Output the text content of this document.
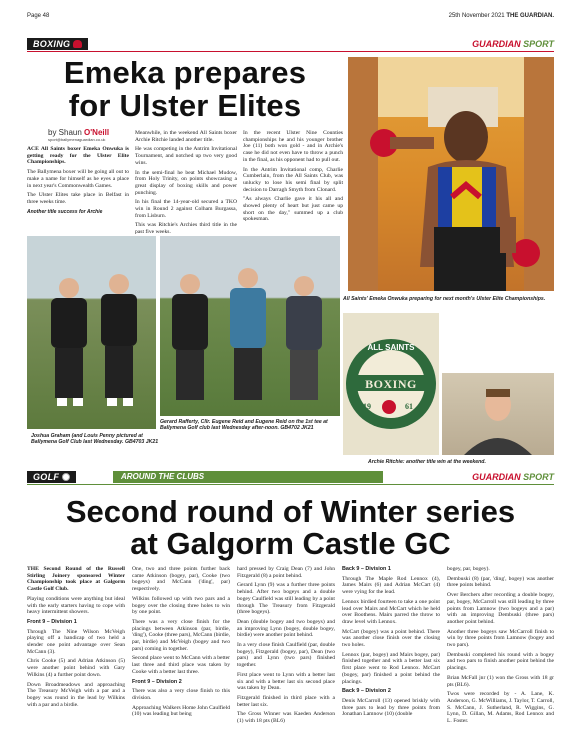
Page 48	25th November 2021 THE GUARDIAN.
BOXING	GUARDIAN SPORT
Emeka prepares
for Ulster Elites
by Shaun O'Neill
sport@ballymenaguardian.co.uk

ACE All Saints boxer Emeka Onwuka is getting ready for the Ulster Elite Championships.

The Ballymena boxer will be going all out to make a name for himself as he eyes a place in next year's Commonwealth Games.

The Ulster Elites take place in Belfast in three weeks time.

Another title success for Archie

Meanwhile, in the weekend All Saints boxer Archie Ritchie landed another title.

He was competing in the Antrim Invitational Tournament, and notched up two very good wins.

In the semi-final he beat Michael Mudow, from Holy Trinity, on points showcasing a great display of boxing skills and power punching.

In his final the 14-year-old secured a TKO win in Round 2 against Colham Burgassa, from Lisburn.

This was Ritchie's Archies third title in the past five weeks.

In the recent Ulster Nine Counties championships he and his younger brother Joe (11) both won gold - and in Archie's case he did not even have to throw a punch in the final, as his opponent had to pull out.

In the Antrim Invitational comp, Charlie Cumberlain, from the All Saints Club, was unlucky to lose his semi final by split decision to Darragh Smyth from Clonard.

"As always Charlie gave it his all and showed plenty of heart but just came up short on the day," summed up a club spokesman.

All Saints' Emeka Onwuka preparing for next month's Ulster Elite Championships.
ALL SAINTS
BOXING
19	61
CLUB
Archie Ritchie: another title win at the weekend.
Joshua Graham (and Louis Penny pictured at Ballymena Golf Club last Wednesday. GB4703 JK21
Gerard Rafferty, Cllr. Eugene Reid and Eugene Reid on the 1st tee at Ballymena Golf club last Wednesday after-noon. GB4702 JK21
GOLF	AROUND THE CLUBS	GUARDIAN SPORT
Second round of Winter series
at Galgorm Castle GC

THE Second Round of the Russell Stirling Joinery sponsored Winter Championship took place at Galgorm Castle Golf Club.

Playing conditions were anything but ideal with the early starters having to cope with heavy intermittent showers.

Front 9 – Division 1

Through The Nine Wilson McVeigh playing off a handicap of two held a slender one point advantage over Sean McCann (3).

Chris Cooke (5) and Adrian Atkinson (5) were another point behind with Gary Wilkins (4) a further point down.

Down Broadmeadows and approaching The Treasury McVeigh with a par and a bogey was round in the lead by Wilkins with a par and a birdie.

One, two and three points further back came Atkinson (bogey, par), Cooke (two bogeys) and McCann ('ding', par) respectively.

Wilkins followed up with two pars and a bogey over the closing three holes to win by one point.

There was a very close finish for the placings between Atkinson (par, birdie, 'ding'), Cooke (three pars), McCann (birdie, par, birdie) and McVeigh (bogey and two pars) coming in together.

Second place went to McCann with a better last three and third place was taken by Cooke with a better last three.

Front 9 – Division 2

There was also a very close finish to this division.

Approaching Walkers Home John Caulfield (10) was leading but being

hard pressed by Craig Dean (7) and John Fitzgerald (8) a point behind.

Gerard Lynn (9) was a further three points behind. After two bogeys and a double bogey Caulfield was still leading by a point through The Treasury from Fitzgerald (three bogeys).

Dean (double bogey and two bogeys) and an improving Lynn (bogey, double bogey, birdie) were another point behind.

In a very close finish Caulfield (par, double bogey), Fitzgerald (bogey, par), Dean (two pars) and Lynn (two pars) finished together.

First place went to Lynn with a better last six and with a better last six second place was taken by Dean.

Fitzgerald finished in third place with a better last six.

The Gross Winner was Kaeden Anderson (1) with 18 pts (BL6)

Back 9 – Division 1

Through The Maple Rod Lennox (4), James Mairs (6) and Adrian McCart (4) were vying for the lead.

Lennox birdied fourteen to take a one point lead over Mairs and McCart which he held over Boothens. Mairs parred the throw to draw level with Lennox.

McCart (bogey) was a point behind. There was another close finish over the closing two holes.

Lennox (par, bogey) and Mairs bogey, par) finished together and with a better last six first place went to Rod Lennox. McCart (bogey, par) finished a point behind the placings.

Back 9 – Division 2

Denis McCarroll (13) opened briskly with three pars to lead by three points from Jonathan Lamnow (10) (double

bogey, par, bogey).

Dembuski (8) (par, 'ding', bogey) was another three points behind.

Over Berchers after recording a double bogey, par, bogey, McCarroll was still leading by three points from Lamnow (two bogeys and a par) with an improving Dembuski (three pars) another point behind.

Another three bogeys saw McCarroll finish to win by three points from Lamnow (bogey and two pars).

Dembuski completed his round with a bogey and two pars to finish another point behind the placings.

Brian McFall jnr (1) won the Gross with 18 gr pts (BL6).

Twos were recorded by - A. Lane, K. Anderson, G. McWilliams, J. Taylor, T. Carroll, S. McCann, J. Sutherland, R. Wiggins, G. Lynn, D. Gillan, M. Adams, Rod Lennox and L. Foster.
